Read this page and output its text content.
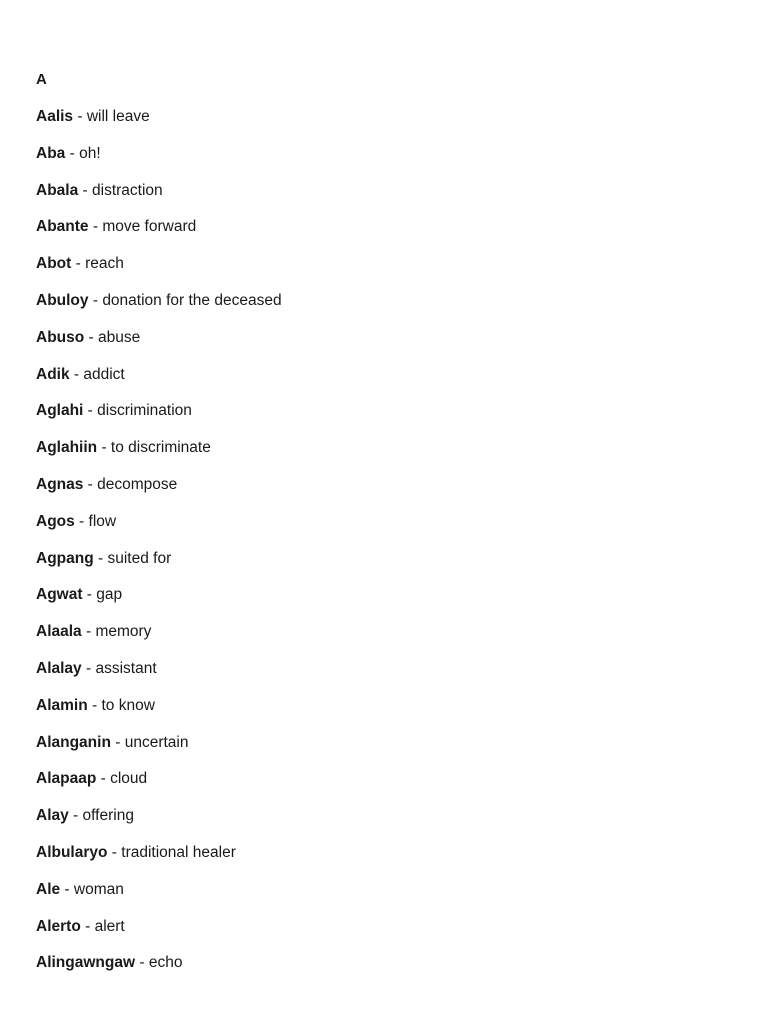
A
Aalis - will leave
Aba - oh!
Abala - distraction
Abante - move forward
Abot - reach
Abuloy - donation for the deceased
Abuso - abuse
Adik - addict
Aglahi - discrimination
Aglahiin - to discriminate
Agnas - decompose
Agos - flow
Agpang - suited for
Agwat - gap
Alaala - memory
Alalay - assistant
Alamin - to know
Alanganin - uncertain
Alapaap - cloud
Alay - offering
Albularyo - traditional healer
Ale - woman
Alerto - alert
Alingawngaw - echo
